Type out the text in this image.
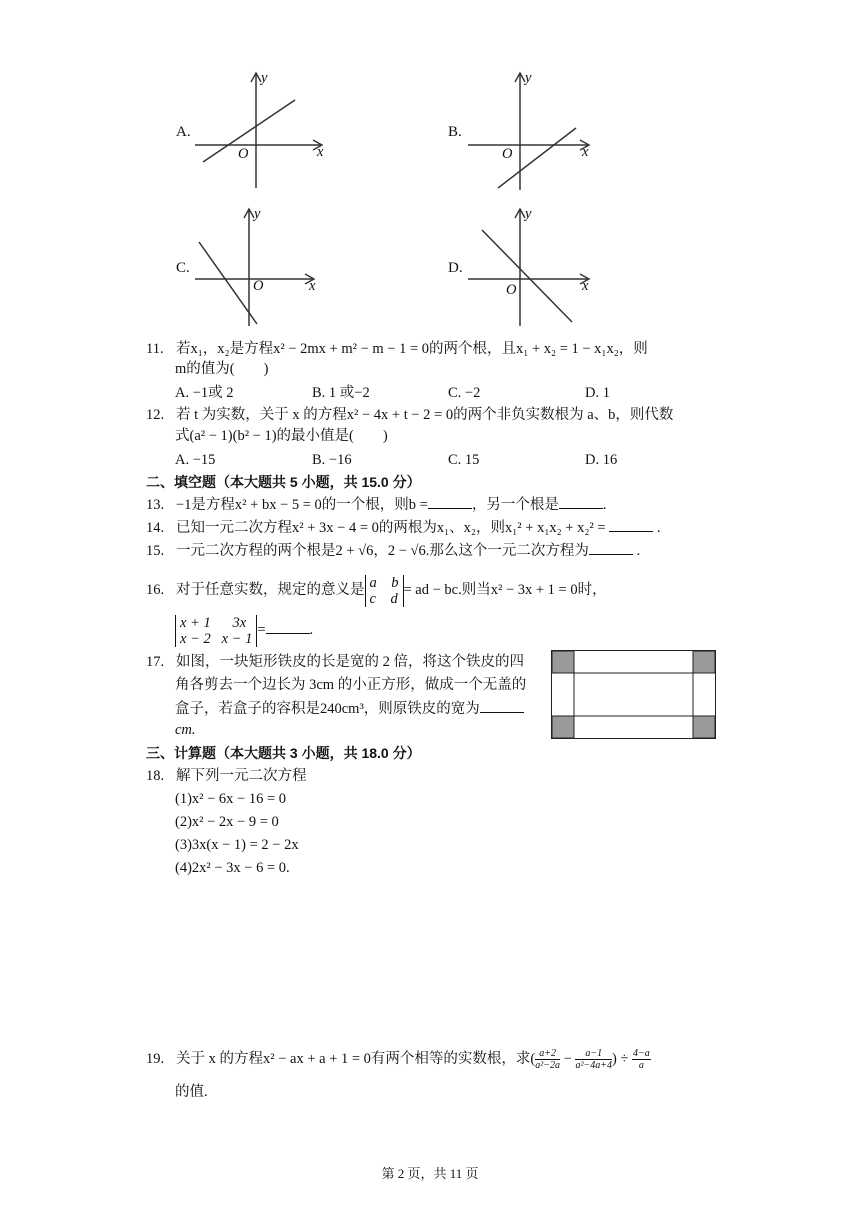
A.
y
x
O
B.
y
x
O
C.
y
x
O
D.
y
x
O
11. 若x₁，x₂是方程x² − 2mx + m² − m − 1 = 0的两个根，且x₁ + x₂ = 1 − x₁x₂，则
m的值为(　　)
A. −1或 2	B. 1 或−2	C. −2	D. 1
12. 若 t 为实数，关于 x 的方程x² − 4x + t − 2 = 0的两个非负实数根为 a、b，则代数
式(a² − 1)(b² − 1)的最小值是(　　)
A. −15	B. −16	C. 15	D. 16
二、填空题（本大题共 5 小题，共 15.0 分）
13. −1是方程x² + bx − 5 = 0的一个根，则b =	，另一个根是	.
14. 已知一元二次方程x² + 3x − 4 = 0的两根为x₁、x₂，则x₁² + x₁x₂ + x₂² =	.
15. 一元二次方程的两个根是2 + √6，2 − √6.那么这个一元二次方程为	.
16. 对于任意实数，规定的意义是 a b
c d= ad − bc.则当x² − 3x + 1 = 0时，
x + 1 3x
x − 2 x − 1=	.
17. 如图，一块矩形铁皮的长是宽的 2 倍，将这个铁皮的四
角各剪去一个边长为 3cm 的小正方形，做成一个无盖的
盒子，若盒子的容积是240cm³，则原铁皮的宽为
cm.
三、计算题（本大题共 3 小题，共 18.0 分）
18. 解下列一元二次方程
(1)x² − 6x − 16 = 0
(2)x² − 2x − 9 = 0
(3)3x(x − 1) = 2 − 2x
(4)2x² − 3x − 6 = 0.
19. 关于 x 的方程x² − ax + a + 1 = 0有两个相等的实数根，求( $\frac{a+2}{\text{a²−2a}} - \frac{a-1}{\text{a²−4a+4}}$ ) ÷ $\frac{4-a}{a}$
的值.
第 2 页，共 11 页
